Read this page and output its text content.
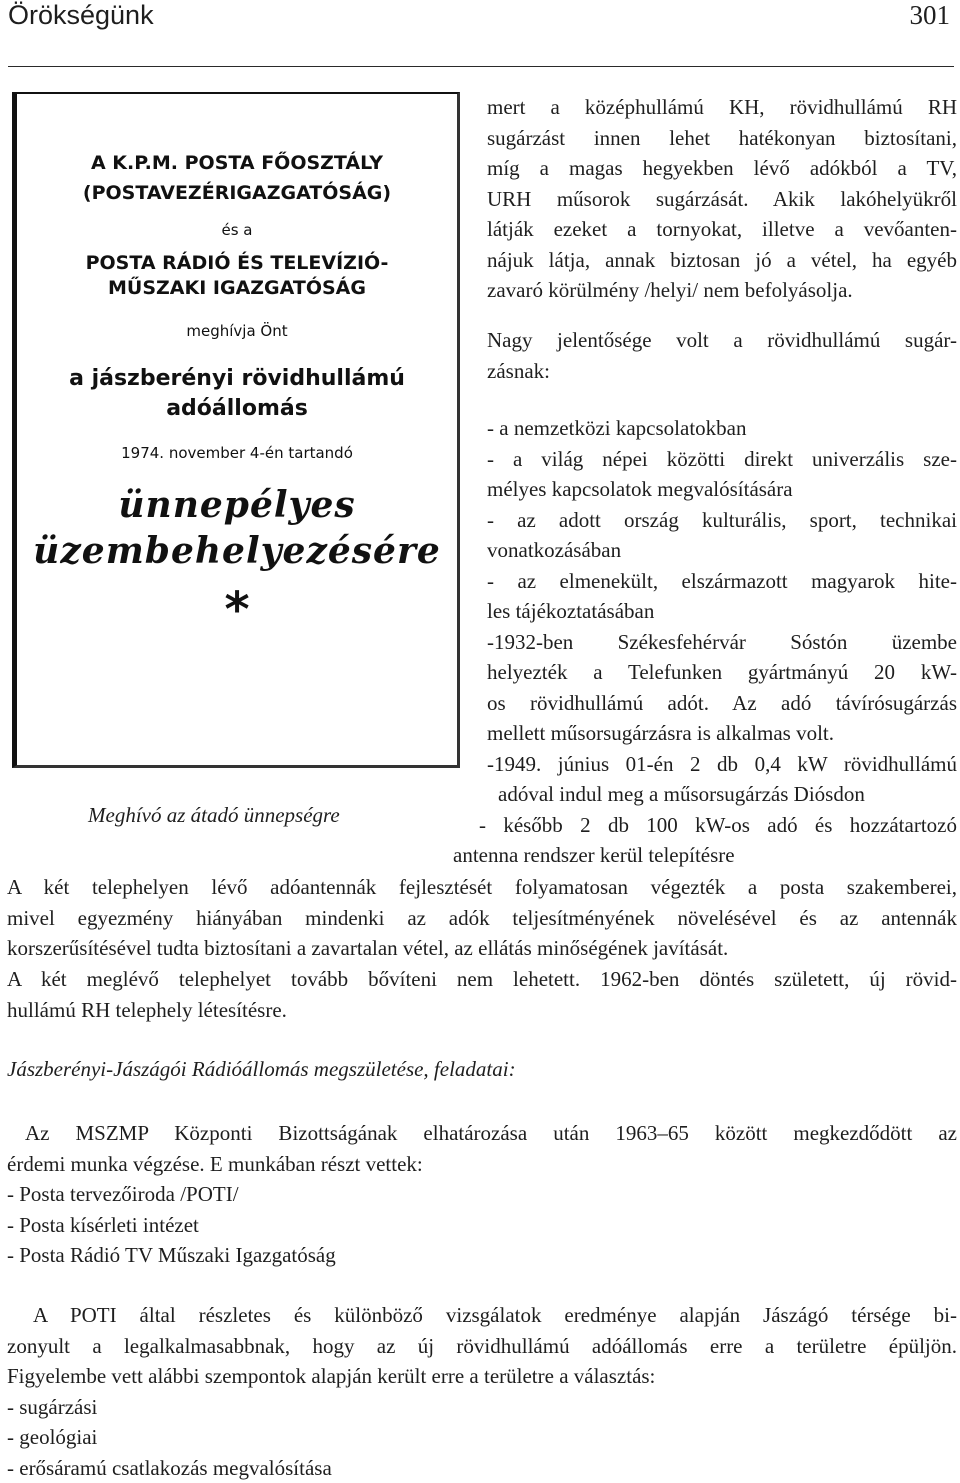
Örökségünk	301
A K.P.M. POSTA FŐOSZTÁLY
(POSTAVEZÉRIGAZGATÓSÁG)
és a
POSTA RÁDIÓ ÉS TELEVÍZIÓ-
MŰSZAKI IGAZGATÓSÁG
meghívja Önt
a jászberényi rövidhullámú
adóállomás
1974. november 4-én tartandó
ünnepélyes
üzembehelyezésére
*
Meghívó az átadó ünnepségre

mert a középhullámú KH, rövidhullámú RH

sugárzást innen lehet hatékonyan biztosítani,

míg a magas hegyekben lévő adókból a TV,

URH műsorok sugárzását. Akik lakóhelyükről

látják ezeket a tornyokat, illetve a vevőanten-

nájuk látja, annak biztosan jó a vétel, ha egyéb

zavaró körülmény /helyi/ nem befolyásolja.

Nagy jelentősége volt a rövidhullámú sugár-

zásnak:

- a nemzetközi kapcsolatokban

- a világ népei közötti direkt univerzális sze-

mélyes kapcsolatok megvalósítására

- az adott ország kulturális, sport, technikai

vonatkozásában

- az elmenekült, elszármazott magyarok hite-

les tájékoztatásában

-1932-ben Székesfehérvár Sóstón üzembe

helyezték a Telefunken gyártmányú 20 kW-

os rövidhullámú adót. Az adó távírósugárzás

mellett műsorsugárzásra is alkalmas volt.

-1949. június 01-én 2 db 0,4 kW rövidhullámú

adóval indul meg a műsorsugárzás Diósdon

- később 2 db 100 kW-os adó és hozzátartozó

antenna rendszer kerül telepítésre

A két telephelyen lévő adóantennák fejlesztését folyamatosan végezték a posta szakemberei,

mivel egyezmény hiányában mindenki az adók teljesítményének növelésével és az antennák

korszerűsítésével tudta biztosítani a zavartalan vétel, az ellátás minőségének javítását.

A két meglévő telephelyet tovább bővíteni nem lehetett. 1962-ben döntés született, új rövid-

hullámú RH telephely létesítésre.

Jászberényi-Jászágói Rádióállomás megszületése, feladatai:

Az MSZMP Központi Bizottságának elhatározása után 1963–65 között megkezdődött az

érdemi munka végzése. E munkában részt vettek:

- Posta tervezőiroda /POTI/

- Posta kísérleti intézet

- Posta Rádió TV Műszaki Igazgatóság

A POTI által részletes és különböző vizsgálatok eredménye alapján Jászágó térsége bi-

zonyult a legalkalmasabbnak, hogy az új rövidhullámú adóállomás erre a területre épüljön.

Figyelembe vett alábbi szempontok alapján került erre a területre a választás:

- sugárzási

- geológiai

- erősáramú csatlakozás megvalósítása
